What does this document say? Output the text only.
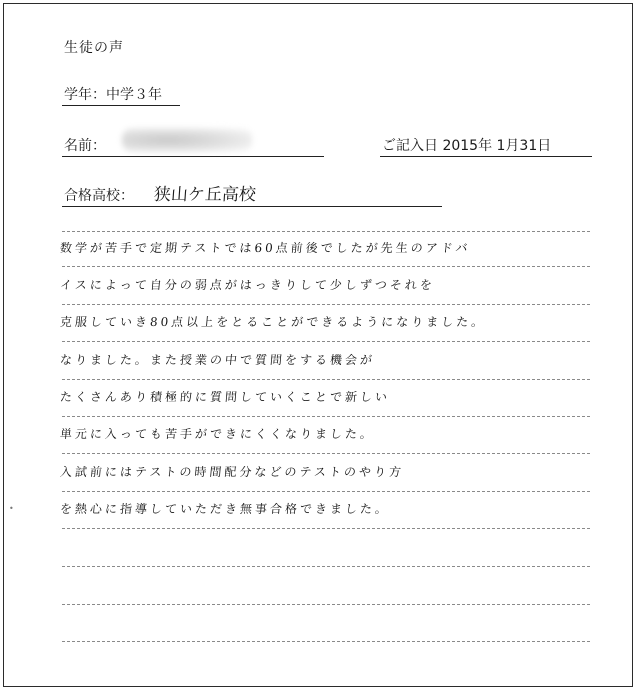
生徒の声
学年：中学３年
名前：	ご記入日 2015年 1月31日
合格高校： 狭山ケ丘高校
数学が苦手で定期テストでは60点前後でしたが先生のアドバ
イスによって自分の弱点がはっきりして少しずつそれを
克服していき80点以上をとることができるようになりました。
なりました。また授業の中で質問をする機会が
たくさんあり積極的に質問していくことで新しい
単元に入っても苦手ができにくくなりました。
入試前にはテストの時間配分などのテストのやり方
を熱心に指導していただき無事合格できました。
•
